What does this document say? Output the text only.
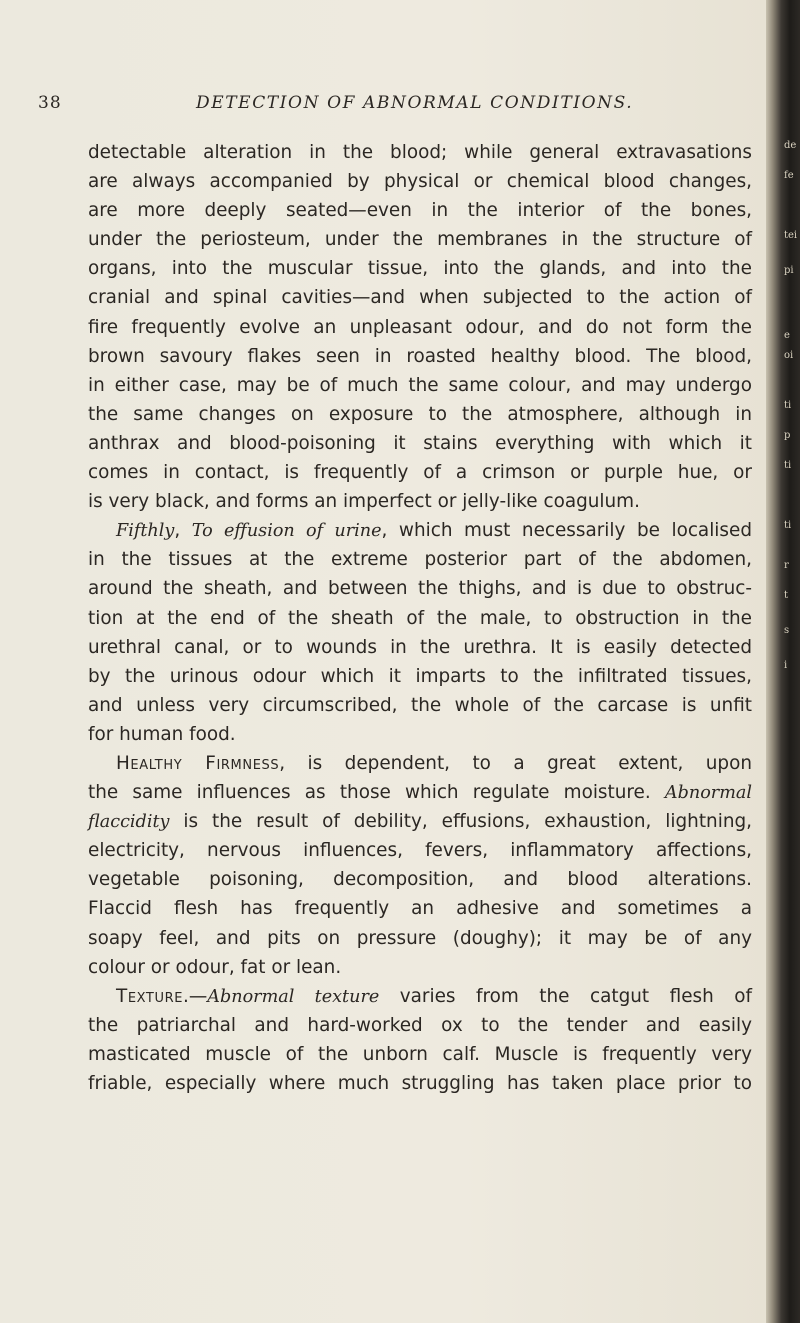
38	DETECTION OF ABNORMAL CONDITIONS.
detectable alteration in the blood; while general extravasations
are always accompanied by physical or chemical blood changes,
are more deeply seated—even in the interior of the bones,
under the periosteum, under the membranes in the structure of
organs, into the muscular tissue, into the glands, and into the
cranial and spinal cavities—and when subjected to the action of
fire frequently evolve an unpleasant odour, and do not form the
brown savoury flakes seen in roasted healthy blood. The blood,
in either case, may be of much the same colour, and may undergo
the same changes on exposure to the atmosphere, although in
anthrax and blood-poisoning it stains everything with which it
comes in contact, is frequently of a crimson or purple hue, or
is very black, and forms an imperfect or jelly-like coagulum.
Fifthly, To effusion of urine, which must necessarily be localised
in the tissues at the extreme posterior part of the abdomen,
around the sheath, and between the thighs, and is due to obstruc-
tion at the end of the sheath of the male, to obstruction in the
urethral canal, or to wounds in the urethra. It is easily detected
by the urinous odour which it imparts to the infiltrated tissues,
and unless very circumscribed, the whole of the carcase is unfit
for human food.
Healthy Firmness, is dependent, to a great extent, upon
the same influences as those which regulate moisture. Abnormal
flaccidity is the result of debility, effusions, exhaustion, lightning,
electricity, nervous influences, fevers, inflammatory affections,
vegetable poisoning, decomposition, and blood alterations.
Flaccid flesh has frequently an adhesive and sometimes a
soapy feel, and pits on pressure (doughy); it may be of any
colour or odour, fat or lean.
Texture.—Abnormal texture varies from the catgut flesh of
the patriarchal and hard-worked ox to the tender and easily
masticated muscle of the unborn calf. Muscle is frequently very
friable, especially where much struggling has taken place prior to
de
fe
tei
pi
e
oi
ti
p
ti
ti
r
t
s
i
